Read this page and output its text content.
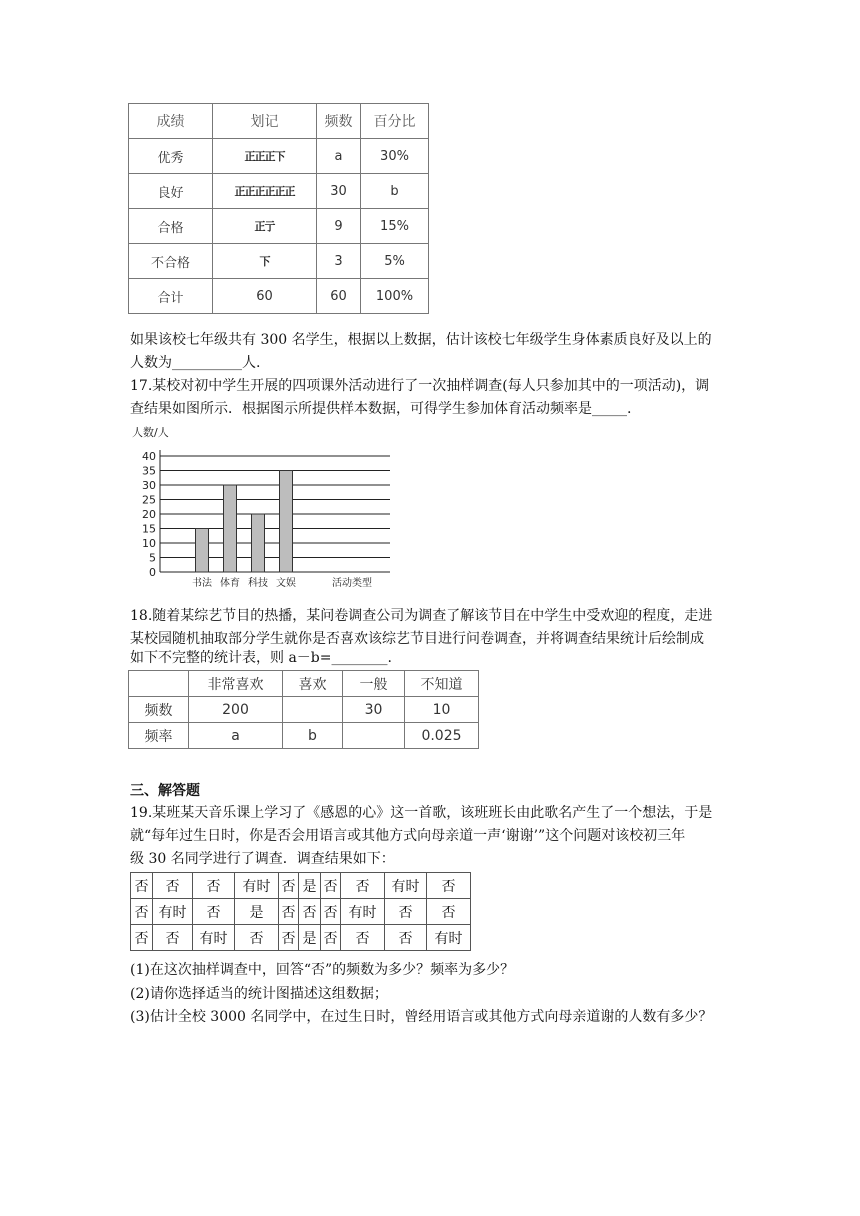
成绩	划记	频数	百分比
优秀	正正正下	a	30%
良好	正正正正正正	30	b
合格	正亍	9	15%
不合格	下	3	5%
合计	60	60	100%
如果该校七年级共有 300 名学生，根据以上数据，估计该校七年级学生身体素质良好及以上的
人数为__________人.
17.某校对初中学生开展的四项课外活动进行了一次抽样调查(每人只参加其中的一项活动)，调
查结果如图所示．根据图示所提供样本数据，可得学生参加体育活动频率是_____.
0
5
10
15
20
25
30
35
40
人数/人
书法 体育 科技 文娱	活动类型
18.随着某综艺节目的热播，某问卷调查公司为调查了解该节目在中学生中受欢迎的程度，走进
某校园随机抽取部分学生就你是否喜欢该综艺节目进行问卷调查，并将调查结果统计后绘制成
如下不完整的统计表，则 a－b=________.
	非常喜欢	喜欢	一般	不知道
频数	200		30	10
频率	a	b		0.025
三、解答题
19.某班某天音乐课上学习了《感恩的心》这一首歌，该班班长由此歌名产生了一个想法，于是
就“每年过生日时，你是否会用语言或其他方式向母亲道一声‘谢谢’”这个问题对该校初三年
级 30 名同学进行了调查．调查结果如下：
否	否	否	有时	否	是	否	否	有时	否
否	有时	否	是	否	否	否	有时	否	否
否	否	有时	否	否	是	否	否	否	有时
(1)在这次抽样调查中，回答“否”的频数为多少？频率为多少？
(2)请你选择适当的统计图描述这组数据；
(3)估计全校 3000 名同学中，在过生日时，曾经用语言或其他方式向母亲道谢的人数有多少？
